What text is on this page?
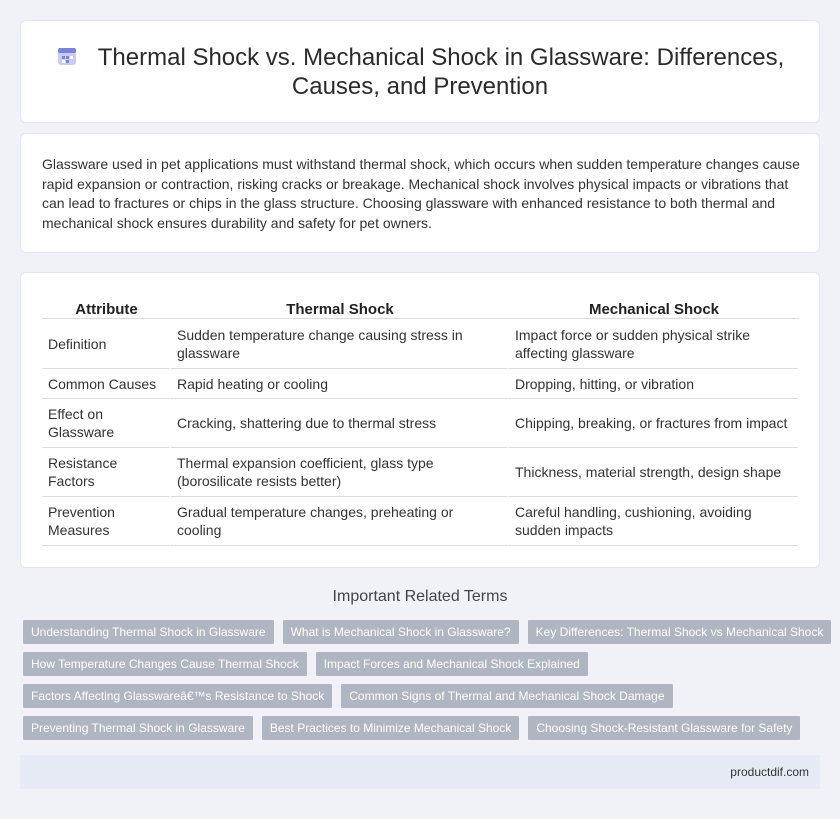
Thermal Shock vs. Mechanical Shock in Glassware: Differences,
Causes, and Prevention

Glassware used in pet applications must withstand thermal shock, which occurs when sudden temperature changes cause rapid expansion or contraction, risking cracks or breakage. Mechanical shock involves physical impacts or vibrations that can lead to fractures or chips in the glass structure. Choosing glassware with enhanced resistance to both thermal and mechanical shock ensures durability and safety for pet owners.

Attribute	Thermal Shock	Mechanical Shock
Definition	Sudden temperature change causing stress in glassware	Impact force or sudden physical strike affecting glassware
Common Causes	Rapid heating or cooling	Dropping, hitting, or vibration
Effect on Glassware	Cracking, shattering due to thermal stress	Chipping, breaking, or fractures from impact
Resistance Factors	Thermal expansion coefficient, glass type (borosilicate resists better)	Thickness, material strength, design shape
Prevention Measures	Gradual temperature changes, preheating or cooling	Careful handling, cushioning, avoiding sudden impacts
Important Related Terms
Understanding Thermal Shock in Glassware	What is Mechanical Shock in Glassware?	Key Differences: Thermal Shock vs Mechanical Shock
How Temperature Changes Cause Thermal Shock	Impact Forces and Mechanical Shock Explained
Factors Affecting Glasswareâ€™s Resistance to Shock	Common Signs of Thermal and Mechanical Shock Damage
Preventing Thermal Shock in Glassware	Best Practices to Minimize Mechanical Shock	Choosing Shock-Resistant Glassware for Safety
productdif.com
